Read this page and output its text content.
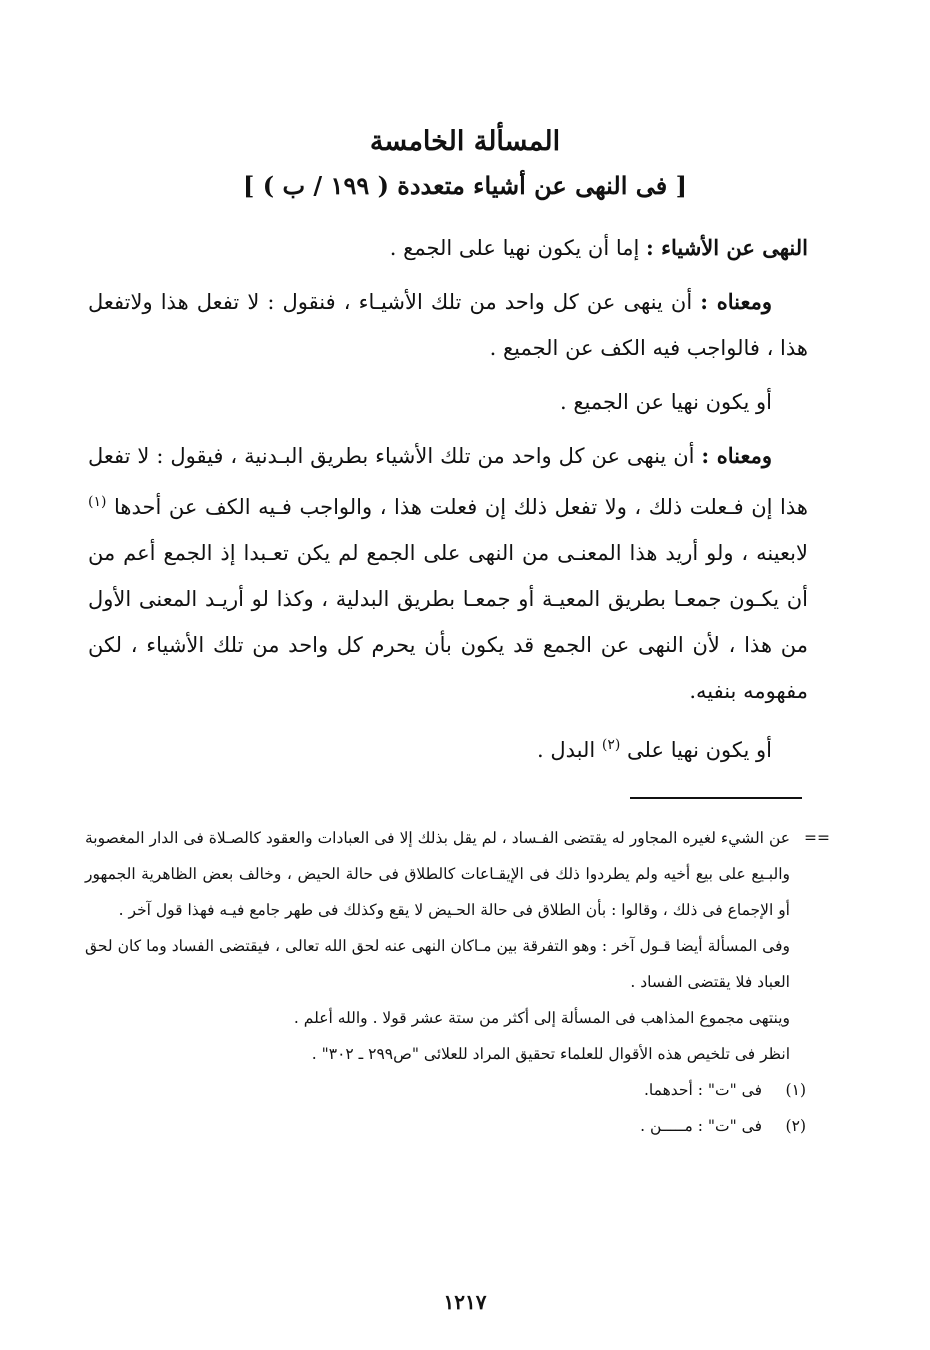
المسألة الخامسة
[ فى النهى عن أشياء متعددة ( ١٩٩ / ب ) ]

النهى عن الأشياء : إما أن يكون نهيا على الجمع .

ومعناه : أن ينهى عن كل واحد من تلك الأشيـاء ، فنقول : لا تفعل هذا ولاتفعل هذا ، فالواجب فيه الكف عن الجميع .

أو يكون نهيا عن الجميع .

ومعناه : أن ينهى عن كل واحد من تلك الأشياء بطريق البـدنية ، فيقول : لا تفعل هذا إن فـعلت ذلك ، ولا تفعل ذلك إن فعلت هذا ، والواجب فـيه الكف عن أحدها $^{(١)}$ لابعينه ، ولو أريد هذا المعنـى من النهى على الجمع لم يكن تعـبدا إذ الجمع أعم من أن يكـون جمعـا بطريق المعيـة أو جمعـا بطريق البدلية ، وكذا لو أريـد المعنى الأول من هذا ، لأن النهى عن الجمع قد يكون بأن يحرم كل واحد من تلك الأشياء ، لكن مفهومه بنفيه.

أو يكون نهيا على $^{(٢)}$ البدل .

==
عن الشيء لغيره المجاور له يقتضى الفـساد ، لم يقل بذلك إلا فى العبادات والعقود كالصـلاة فى الدار المغصوبة والبـيع على بيع أخيه ولم يطردوا ذلك فى الإيقـاعات كالطلاق فى حالة الحيض ، وخالف بعض الظاهرية الجمهور أو الإجماع فى ذلك ، وقالوا : بأن الطلاق فى حالة الحـيض لا يقع وكذلك فى طهر جامع فيـه فهذا قول آخر .
وفى المسألة أيضا قـول آخر : وهو التفرقة بين مـاكان النهى عنه لحق الله تعالى ، فيقتضى الفساد وما كان لحق العباد فلا يقتضى الفساد .
وينتهى مجموع المذاهب فى المسألة إلى أكثر من ستة عشر قولا . والله أعلم .
انظر فى تلخيص هذه الأقوال للعلماء تحقيق المراد للعلائى "ص٢٩٩ ـ ٣٠٢" .
(١)
فى "ت" : أحدهما.
(٢)
فى "ت" : مـــــن .
١٢١٧
